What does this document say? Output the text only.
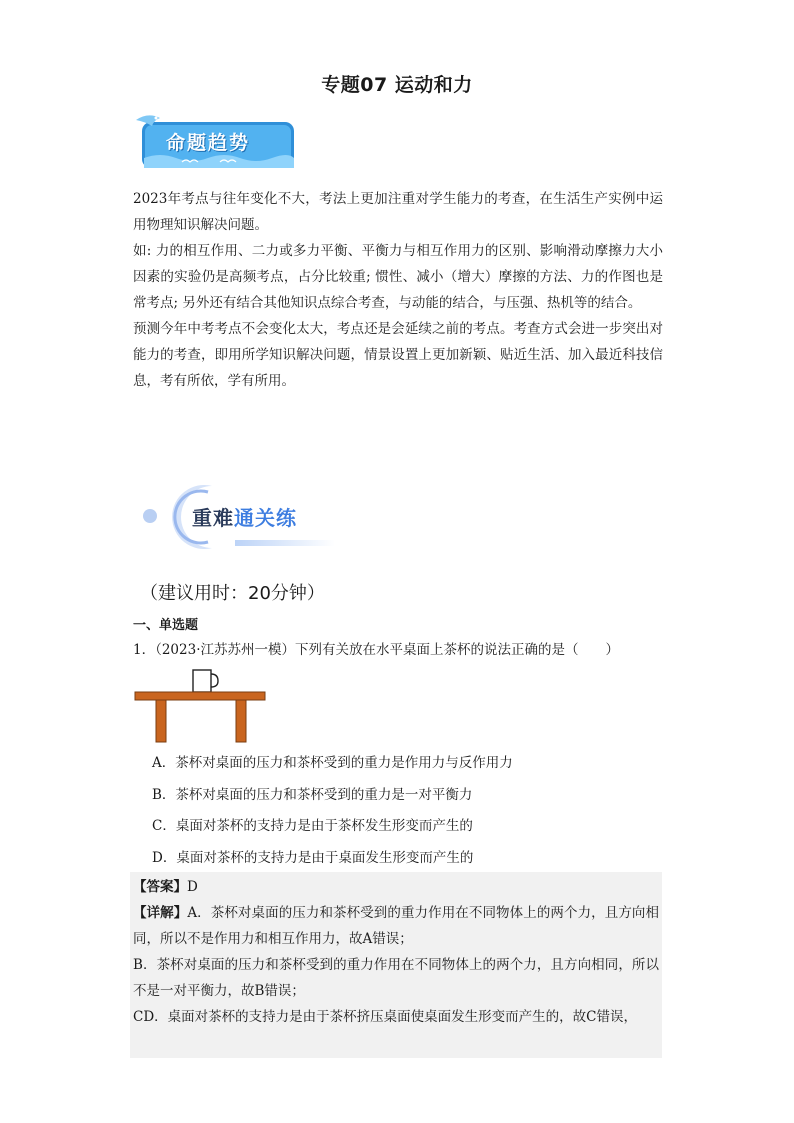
专题07 运动和力
命题趋势

2023年考点与往年变化不大，考法上更加注重对学生能力的考查，在生活生产实例中运用物理知识解决问题。

如: 力的相互作用、二力或多力平衡、平衡力与相互作用力的区别、影响滑动摩擦力大小因素的实验仍是高频考点，占分比较重; 惯性、减小（增大）摩擦的方法、力的作图也是常考点; 另外还有结合其他知识点综合考查，与动能的结合，与压强、热机等的结合。

预测今年中考考点不会变化太大，考点还是会延续之前的考点。考查方式会进一步突出对能力的考查，即用所学知识解决问题，情景设置上更加新颖、贴近生活、加入最近科技信息，考有所依，学有所用。

重难通关练
（建议用时：20分钟）
一、单选题
1．（2023·江苏苏州一模）下列有关放在水平桌面上茶杯的说法正确的是（　　）
A．茶杯对桌面的压力和茶杯受到的重力是作用力与反作用力
B．茶杯对桌面的压力和茶杯受到的重力是一对平衡力
C．桌面对茶杯的支持力是由于茶杯发生形变而产生的
D．桌面对茶杯的支持力是由于桌面发生形变而产生的

【答案】D

【详解】A．茶杯对桌面的压力和茶杯受到的重力作用在不同物体上的两个力，且方向相同，所以不是作用力和相互作用力，故A错误；

B．茶杯对桌面的压力和茶杯受到的重力作用在不同物体上的两个力，且方向相同，所以不是一对平衡力，故B错误；

CD．桌面对茶杯的支持力是由于茶杯挤压桌面使桌面发生形变而产生的，故C错误，
